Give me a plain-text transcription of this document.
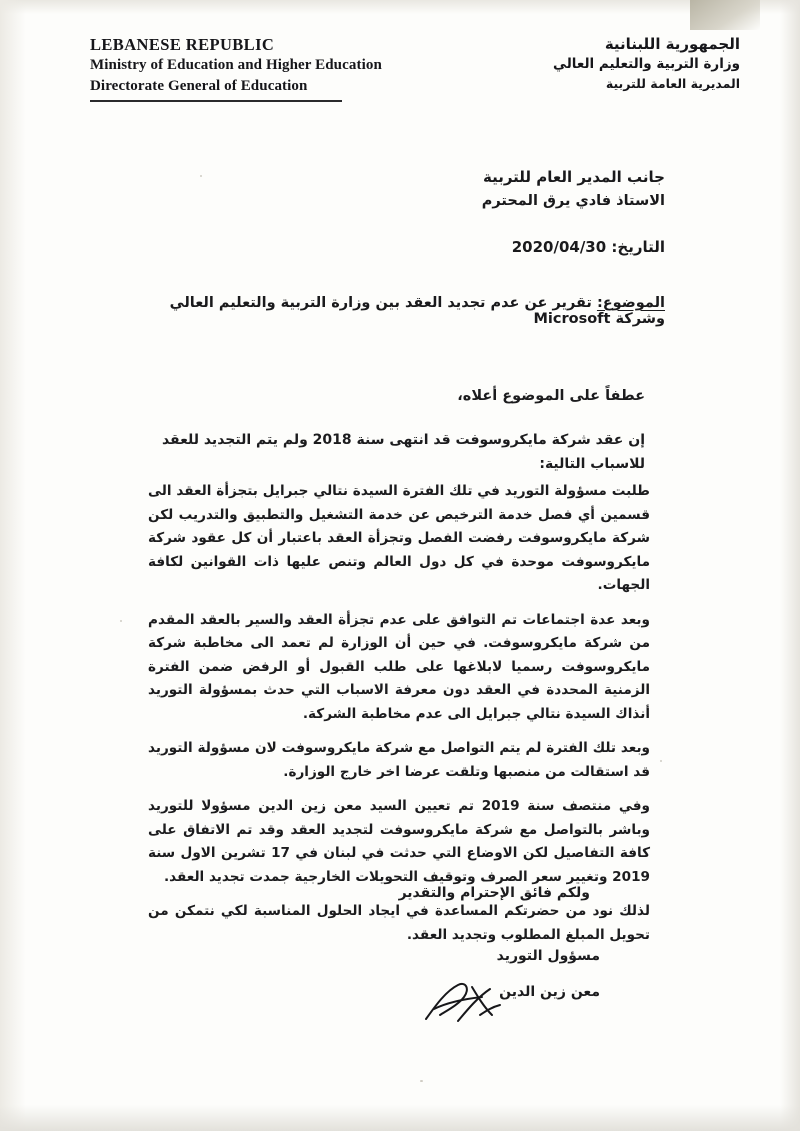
LEBANESE REPUBLIC
Ministry of Education and Higher Education
Directorate General of Education
الجمهورية اللبنانية
وزارة التربية والتعليم العالي
المديرية العامة للتربية
جانب المدير العام للتربية
الاستاذ فادي يرق المحترم
التاريخ: 2020/04/30
الموضوع: تقرير عن عدم تجديد العقد بين وزارة التربية والتعليم العالي وشركة Microsoft
عطفاً على الموضوع أعلاه،
إن عقد شركة مايكروسوفت قد انتهى سنة 2018 ولم يتم التجديد للعقد للاسباب التالية:

طلبت مسؤولة التوريد في تلك الفترة السيدة نتالي جبرايل بتجزأة العقد الى قسمين أي فصل خدمة الترخيص عن خدمة التشغيل والتطبيق والتدريب لكن شركة مايكروسوفت رفضت الفصل وتجزأة العقد باعتبار أن كل عقود شركة مايكروسوفت موحدة في كل دول العالم وتنص عليها ذات القوانين لكافة الجهات.

وبعد عدة اجتماعات تم التوافق على عدم تجزأة العقد والسير بالعقد المقدم من شركة مايكروسوفت. في حين أن الوزارة لم تعمد الى مخاطبة شركة مايكروسوفت رسميا لابلاغها على طلب القبول أو الرفض ضمن الفترة الزمنية المحددة في العقد دون معرفة الاسباب التي حدث بمسؤولة التوريد أنذاك السيدة نتالي جبرايل الى عدم مخاطبة الشركة.

وبعد تلك الفترة لم يتم التواصل مع شركة مايكروسوفت لان مسؤولة التوريد قد استقالت من منصبها وتلقت عرضا اخر خارج الوزارة.

وفي منتصف سنة 2019 تم تعيين السيد معن زين الدين مسؤولا للتوريد وباشر بالتواصل مع شركة مايكروسوفت لتجديد العقد وقد تم الاتفاق على كافة التفاصيل لكن الاوضاع التي حدثت في لبنان في 17 تشرين الاول سنة 2019 وتغيير سعر الصرف وتوقيف التحويلات الخارجية جمدت تجديد العقد.

لذلك نود من حضرتكم المساعدة في ايجاد الحلول المناسبة لكي نتمكن من تحويل المبلغ المطلوب وتجديد العقد.

ولكم فائق الإحترام والتقدير
مسؤول التوريد
معن زين الدين
